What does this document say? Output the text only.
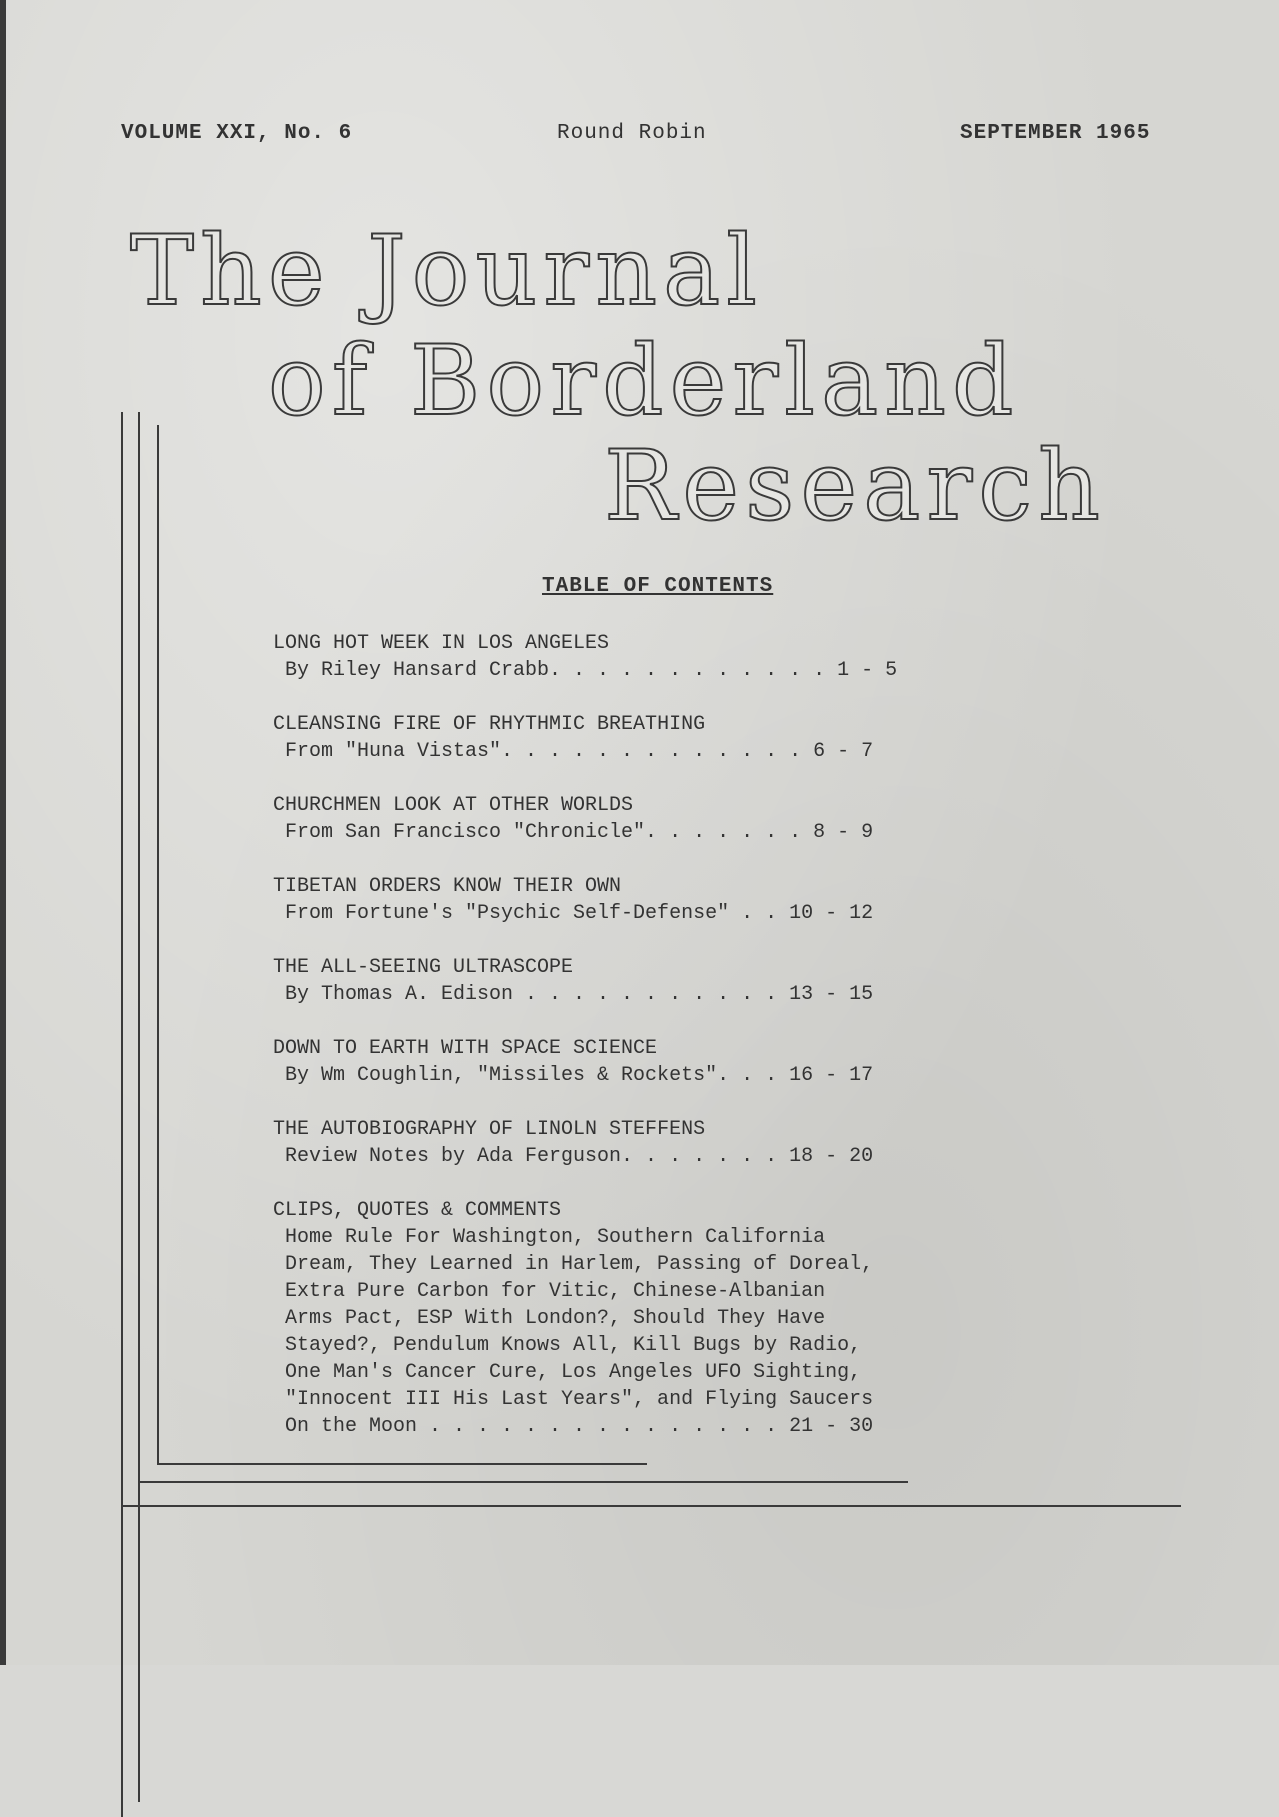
VOLUME XXI, No. 6	Round Robin	SEPTEMBER 1965
The Journal
of Borderland
Research
TABLE OF CONTENTS
LONG HOT WEEK IN LOS ANGELES
By Riley Hansard Crabb. . . . . . . . . . . . 1 - 5
CLEANSING FIRE OF RHYTHMIC BREATHING
From "Huna Vistas". . . . . . . . . . . . . 6 - 7
CHURCHMEN LOOK AT OTHER WORLDS
From San Francisco "Chronicle". . . . . . . 8 - 9
TIBETAN ORDERS KNOW THEIR OWN
From Fortune's "Psychic Self-Defense" . . 10 - 12
THE ALL-SEEING ULTRASCOPE
By Thomas A. Edison . . . . . . . . . . . 13 - 15
DOWN TO EARTH WITH SPACE SCIENCE
By Wm Coughlin, "Missiles & Rockets". . . 16 - 17
THE AUTOBIOGRAPHY OF LINOLN STEFFENS
Review Notes by Ada Ferguson. . . . . . . 18 - 20
CLIPS, QUOTES & COMMENTS
Home Rule For Washington, Southern California
Dream, They Learned in Harlem, Passing of Doreal,
Extra Pure Carbon for Vitic, Chinese-Albanian
Arms Pact, ESP With London?, Should They Have
Stayed?, Pendulum Knows All, Kill Bugs by Radio,
One Man's Cancer Cure, Los Angeles UFO Sighting,
"Innocent III His Last Years", and Flying Saucers
On the Moon . . . . . . . . . . . . . . . 21 - 30
